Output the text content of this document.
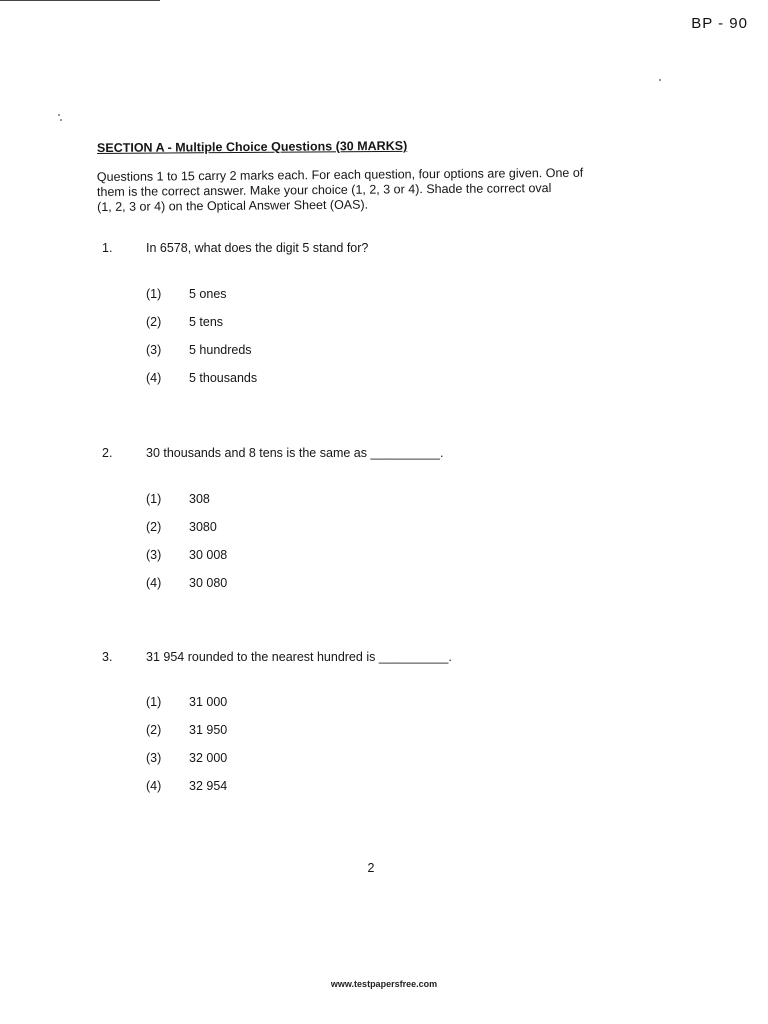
BP - 90
SECTION A - Multiple Choice Questions (30 MARKS)
Questions 1 to 15 carry 2 marks each. For each question, four options are given. One of
them is the correct answer. Make your choice (1, 2, 3 or 4). Shade the correct oval
(1, 2, 3 or 4) on the Optical Answer Sheet (OAS).
1.	In 6578, what does the digit 5 stand for?
(1) 5 ones
(2) 5 tens
(3) 5 hundreds
(4) 5 thousands
2.	30 thousands and 8 tens is the same as __________.
(1) 308
(2) 3080
(3) 30 008
(4) 30 080
3.	31 954 rounded to the nearest hundred is __________.
(1) 31 000
(2) 31 950
(3) 32 000
(4) 32 954
2
www.testpapersfree.com
